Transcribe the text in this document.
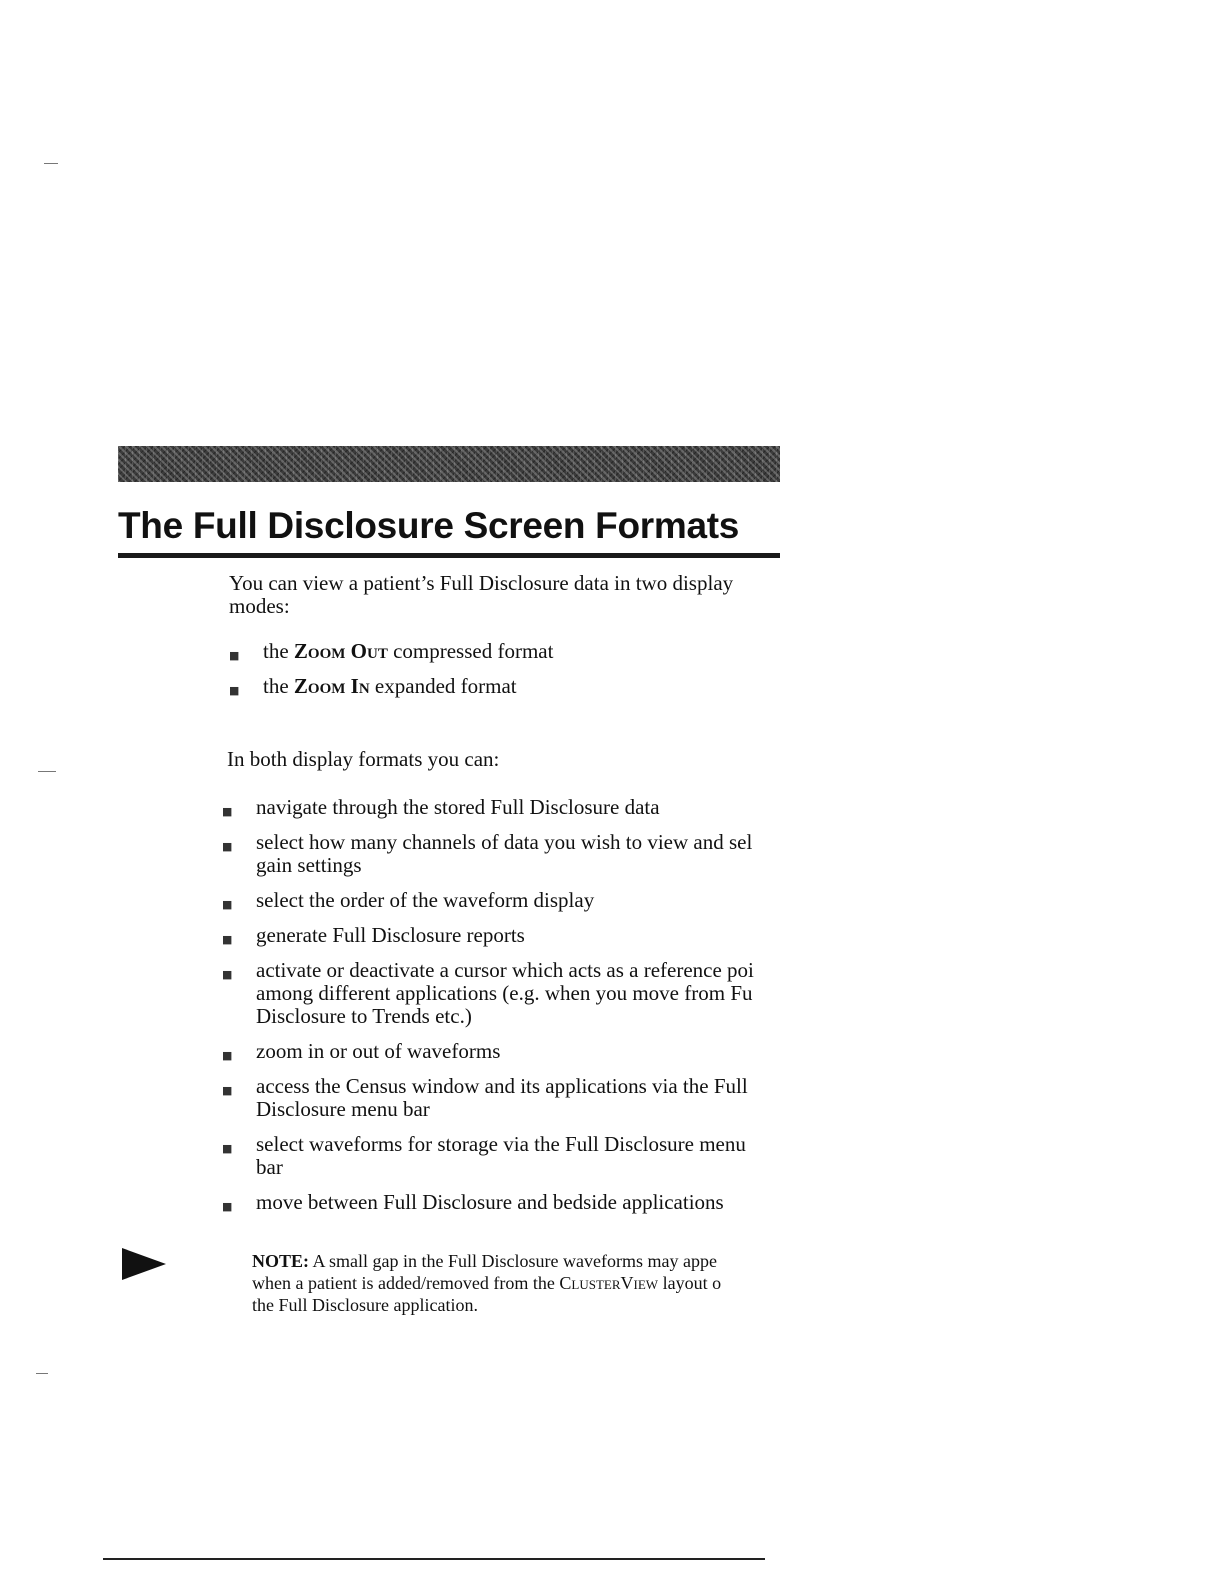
The Full Disclosure Screen Formats

You can view a patient’s Full Disclosure data in two display modes:

■ the Zoom Out compressed format
■ the Zoom In expanded format

In both display formats you can:

■ navigate through the stored Full Disclosure data
■ select how many channels of data you wish to view and sel
gain settings
■ select the order of the waveform display
■ generate Full Disclosure reports
■ activate or deactivate a cursor which acts as a reference poi
among different applications (e.g. when you move from Fu
Disclosure to Trends etc.)
■ zoom in or out of waveforms
■ access the Census window and its applications via the Full
Disclosure menu bar
■ select waveforms for storage via the Full Disclosure menu
bar
■ move between Full Disclosure and bedside applications
NOTE: A small gap in the Full Disclosure waveforms may appe
when a patient is added/removed from the ClusterView layout o
the Full Disclosure application.
